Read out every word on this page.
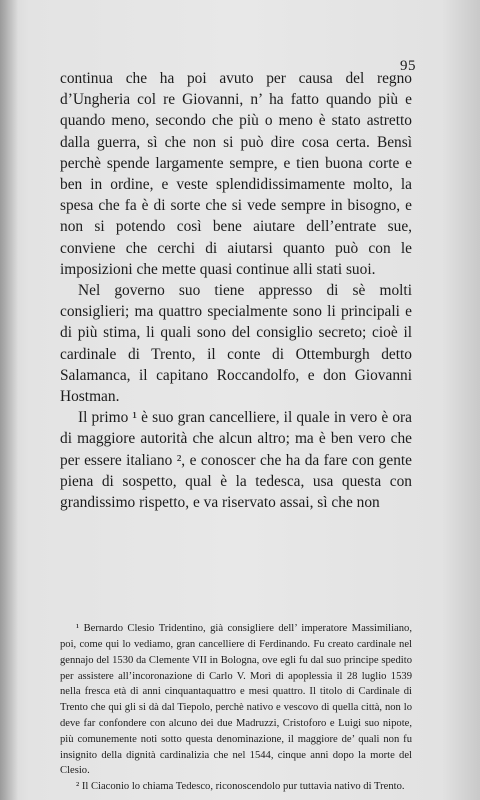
95

continua che ha poi avuto per causa del regno d’Ungheria col re Giovanni, n’ ha fatto quando più e quando meno, secondo che più o meno è stato astretto dalla guerra, sì che non si può dire cosa certa. Bensì perchè spende largamente sempre, e tien buona corte e ben in ordine, e veste splendidissimamente molto, la spesa che fa è di sorte che si vede sempre in bisogno, e non si potendo così bene aiutare dell’entrate sue, conviene che cerchi di aiutarsi quanto può con le imposizioni che mette quasi continue alli stati suoi.

Nel governo suo tiene appresso di sè molti consiglieri; ma quattro specialmente sono li principali e di più stima, li quali sono del consiglio secreto; cioè il cardinale di Trento, il conte di Ottemburgh detto Salamanca, il capitano Roccandolfo, e don Giovanni Hostman.

Il primo ¹ è suo gran cancelliere, il quale in vero è ora di maggiore autorità che alcun altro; ma è ben vero che per essere italiano ², e conoscer che ha da fare con gente piena di sospetto, qual è la tedesca, usa questa con grandissimo rispetto, e va riservato assai, sì che non

¹ Bernardo Clesio Tridentino, già consigliere dell’ imperatore Massimiliano, poi, come qui lo vediamo, gran cancelliere di Ferdinando. Fu creato cardinale nel gennajo del 1530 da Clemente VII in Bologna, ove egli fu dal suo principe spedito per assistere all’incoronazione di Carlo V. Morì di apoplessia il 28 luglio 1539 nella fresca età di anni cinquantaquattro e mesi quattro. Il titolo di Cardinale di Trento che qui gli si dà dal Tiepolo, perchè nativo e vescovo di quella città, non lo deve far confondere con alcuno dei due Madruzzi, Cristoforo e Luigi suo nipote, più comunemente noti sotto questa denominazione, il maggiore de’ quali non fu insignito della dignità cardinalizia che nel 1544, cinque anni dopo la morte del Clesio.

² Il Ciaconio lo chiama Tedesco, riconoscendolo pur tuttavia nativo di Trento.
